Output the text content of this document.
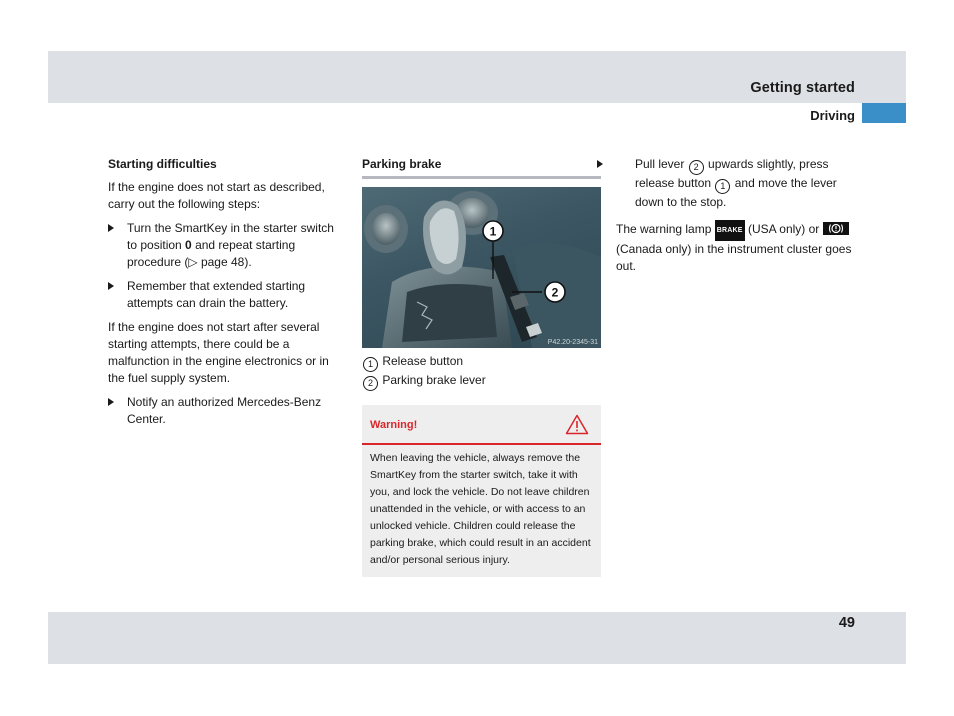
Getting started
Driving

Starting difficulties

If the engine does not start as described, carry out the following steps:

Turn the SmartKey in the starter switch to position 0 and repeat starting procedure (▷ page 48).
Remember that extended starting attempts can drain the battery.

If the engine does not start after several starting attempts, there could be a malfunction in the engine electronics or in the fuel supply system.

Notify an authorized Mercedes-Benz Center.

Parking brake

1
2
P42.20-2345-31
1 Release button
2 Parking brake lever
Warning!
When leaving the vehicle, always remove the SmartKey from the starter switch, take it with you, and lock the vehicle. Do not leave children unattended in the vehicle, or with access to an unlocked vehicle. Children could release the parking brake, which could result in an accident and/or personal serious injury.
Pull lever 2 upwards slightly, press release button 1 and move the lever down to the stop.

The warning lamp BRAKE (USA only) or
(Canada only) in the instrument cluster goes out.

49
